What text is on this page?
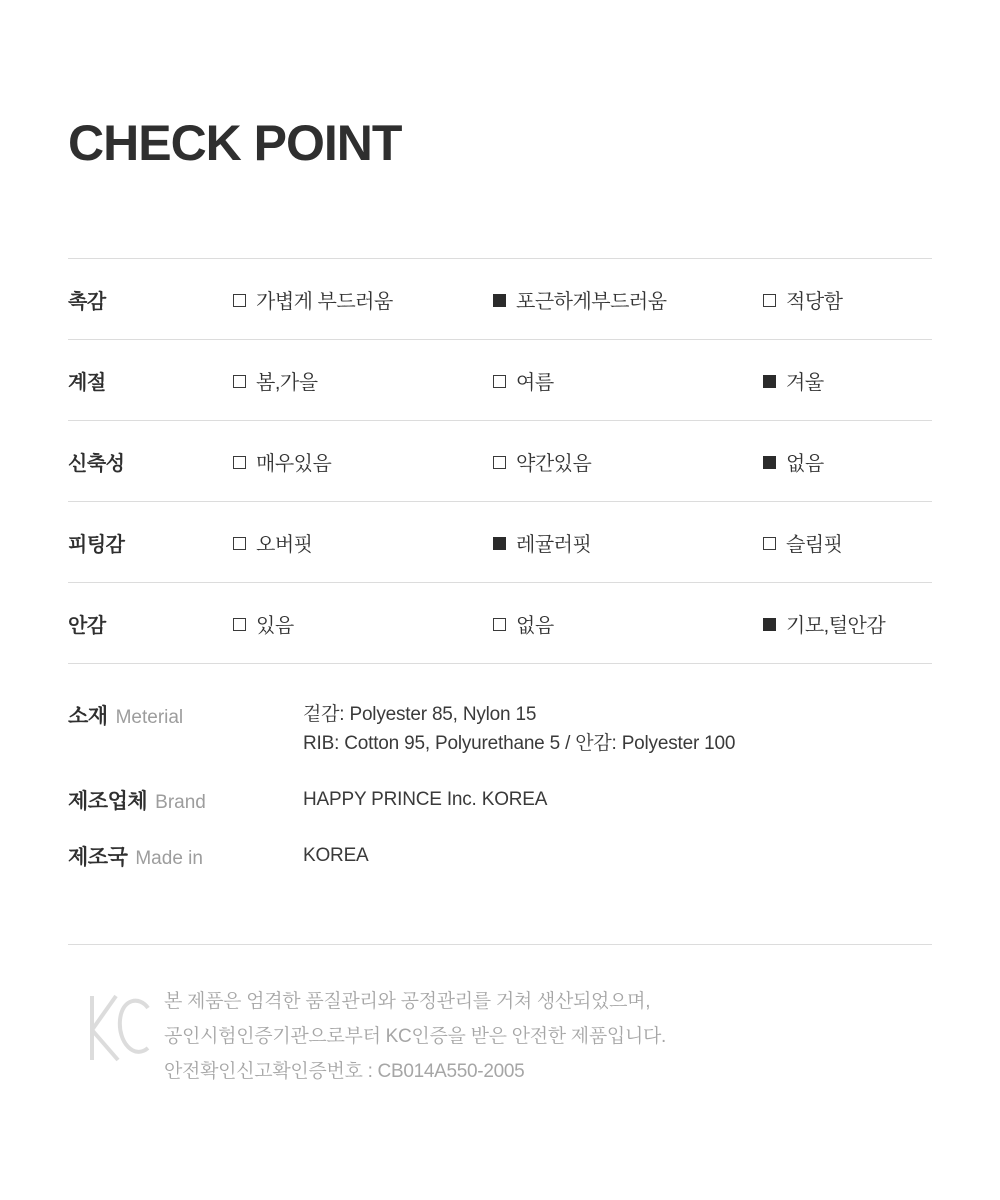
CHECK POINT
촉감	가볍게 부드러움	포근하게부드러움	적당함
계절	봄,가을	여름	겨울
신축성	매우있음	약간있음	없음
피팅감	오버핏	레귤러핏	슬림핏
안감	있음	없음	기모,털안감
소재 Meterial	겉감: Polyester 85, Nylon 15
RIB: Cotton 95, Polyurethane 5 / 안감: Polyester 100
제조업체 Brand	HAPPY PRINCE Inc. KOREA
제조국 Made in	KOREA
본 제품은 엄격한 품질관리와 공정관리를 거쳐 생산되었으며,
공인시험인증기관으로부터 KC인증을 받은 안전한 제품입니다.
안전확인신고확인증번호 : CB014A550-2005
